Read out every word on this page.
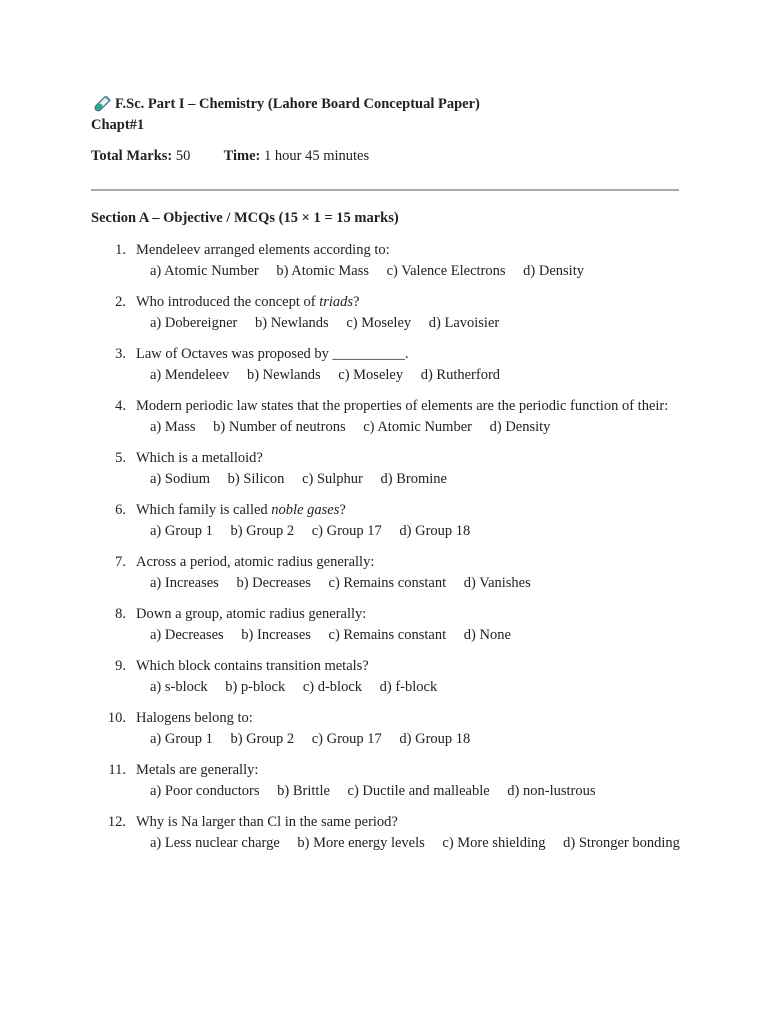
F.Sc. Part I – Chemistry (Lahore Board Conceptual Paper)
Chapt#1
Total Marks: 50 Time: 1 hour 45 minutes
Section A – Objective / MCQs (15 × 1 = 15 marks)
1. Mendeleev arranged elements according to:
a) Atomic Number b) Atomic Mass c) Valence Electrons d) Density
2. Who introduced the concept of triads?
a) Dobereigner b) Newlands c) Moseley d) Lavoisier
3. Law of Octaves was proposed by __________.
a) Mendeleev b) Newlands c) Moseley d) Rutherford
4. Modern periodic law states that the properties of elements are the periodic function of their:
a) Mass b) Number of neutrons c) Atomic Number d) Density
5. Which is a metalloid?
a) Sodium b) Silicon c) Sulphur d) Bromine
6. Which family is called noble gases?
a) Group 1 b) Group 2 c) Group 17 d) Group 18
7. Across a period, atomic radius generally:
a) Increases b) Decreases c) Remains constant d) Vanishes
8. Down a group, atomic radius generally:
a) Decreases b) Increases c) Remains constant d) None
9. Which block contains transition metals?
a) s-block b) p-block c) d-block d) f-block
10. Halogens belong to:
a) Group 1 b) Group 2 c) Group 17 d) Group 18
11. Metals are generally:
a) Poor conductors b) Brittle c) Ductile and malleable d) non-lustrous
12. Why is Na larger than Cl in the same period?
a) Less nuclear charge b) More energy levels c) More shielding d) Stronger bonding
